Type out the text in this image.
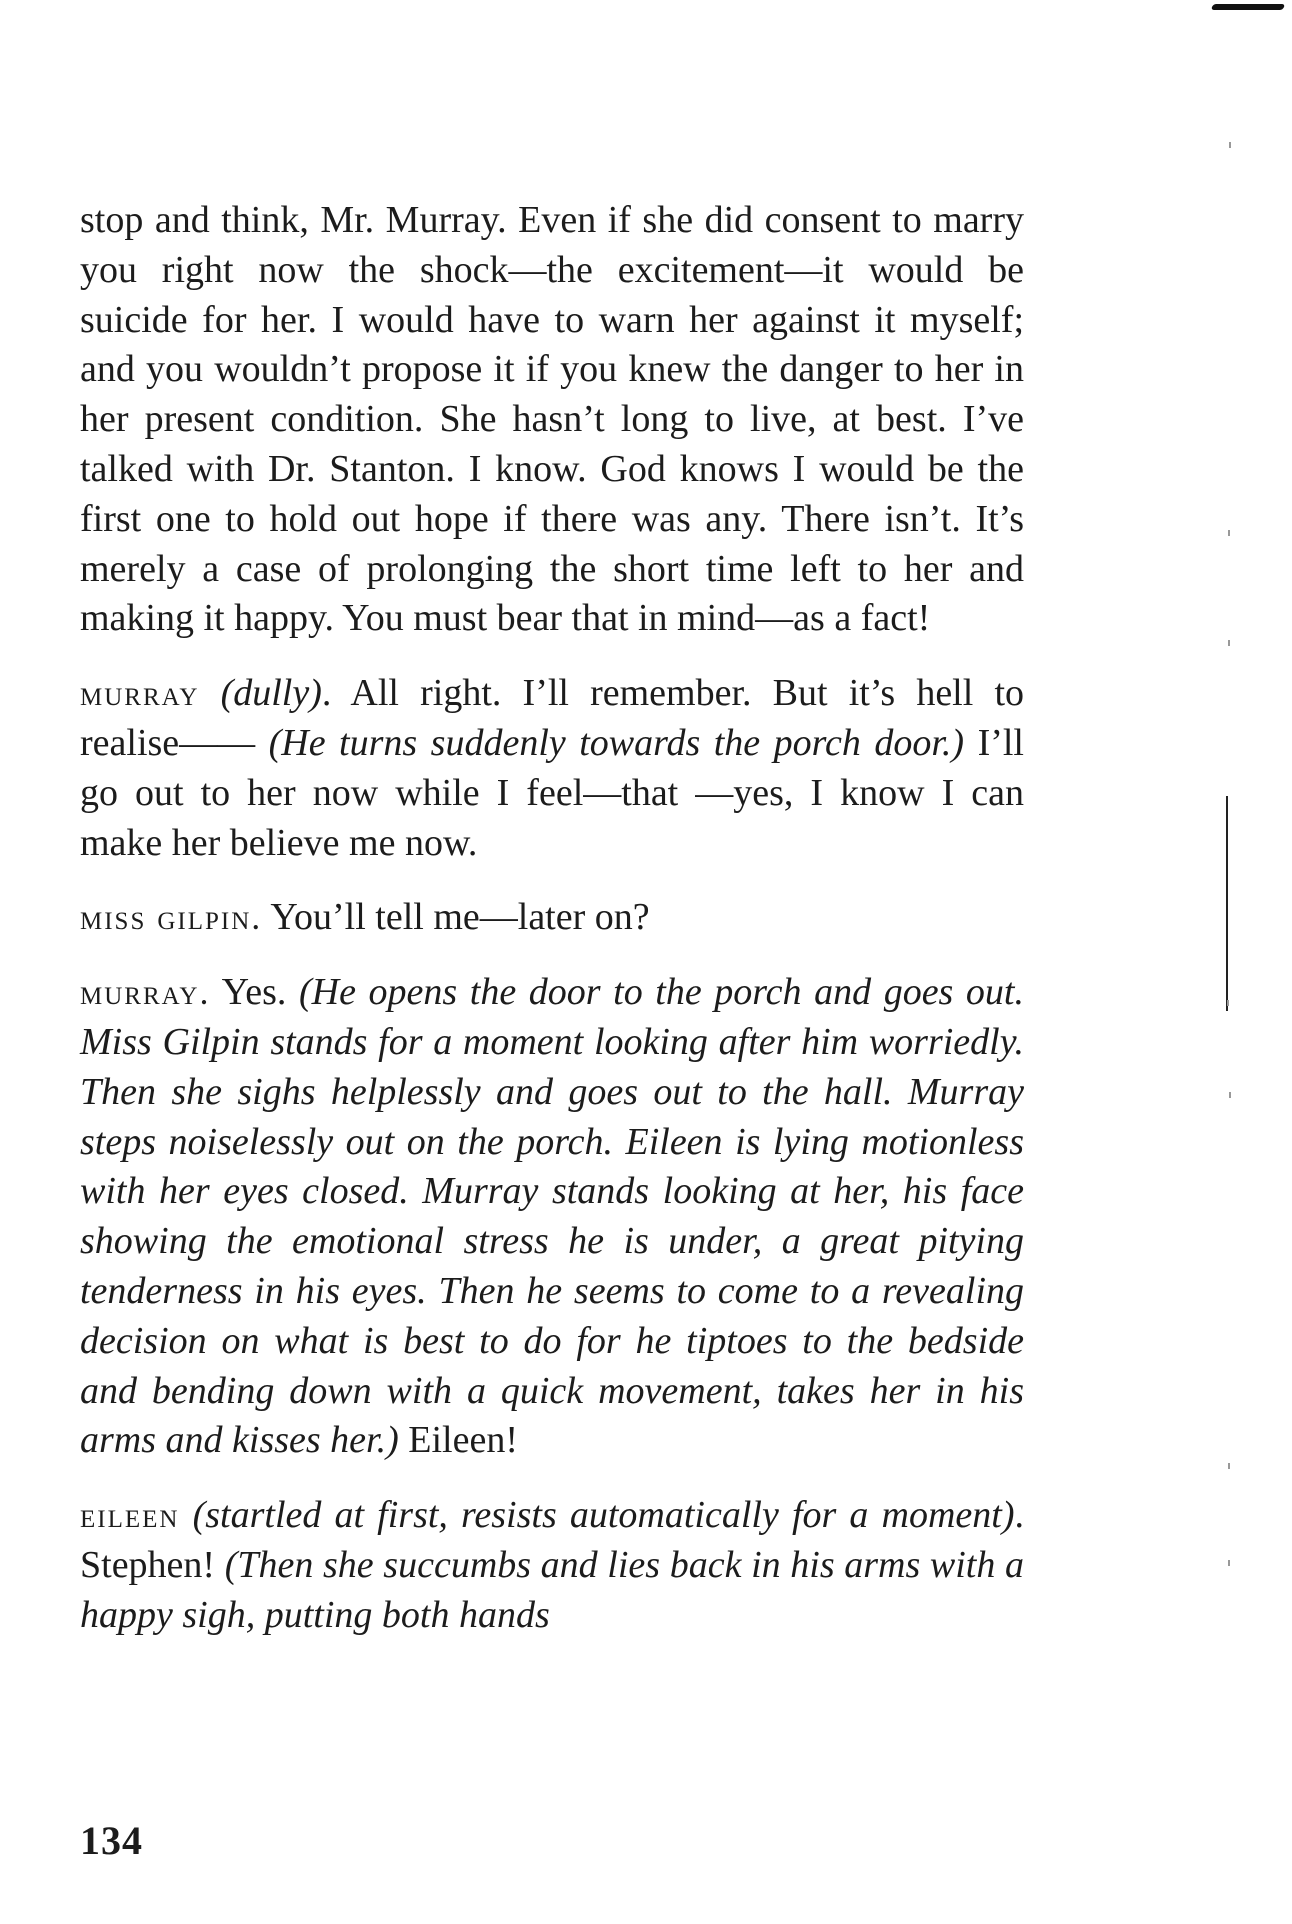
stop and think, Mr. Murray. Even if she did consent to marry you right now the shock—the excitement—it would be suicide for her. I would have to warn her against it myself; and you wouldn’t propose it if you knew the danger to her in her present condition. She hasn’t long to live, at best. I’ve talked with Dr. Stanton. I know. God knows I would be the first one to hold out hope if there was any. There isn’t. It’s merely a case of prolonging the short time left to her and making it happy. You must bear that in mind—as a fact!

murray (dully). All right. I’ll remember. But it’s hell to realise—— (He turns suddenly towards the porch door.) I’ll go out to her now while I feel—that —yes, I know I can make her believe me now.

miss gilpin. You’ll tell me—later on?

murray. Yes. (He opens the door to the porch and goes out. Miss Gilpin stands for a moment looking after him worriedly. Then she sighs helplessly and goes out to the hall. Murray steps noiselessly out on the porch. Eileen is lying motionless with her eyes closed. Murray stands looking at her, his face showing the emotional stress he is under, a great pitying tenderness in his eyes. Then he seems to come to a revealing decision on what is best to do for he tiptoes to the bedside and bending down with a quick movement, takes her in his arms and kisses her.) Eileen!

eileen (startled at first, resists automatically for a moment). Stephen! (Then she succumbs and lies back in his arms with a happy sigh, putting both hands

134
